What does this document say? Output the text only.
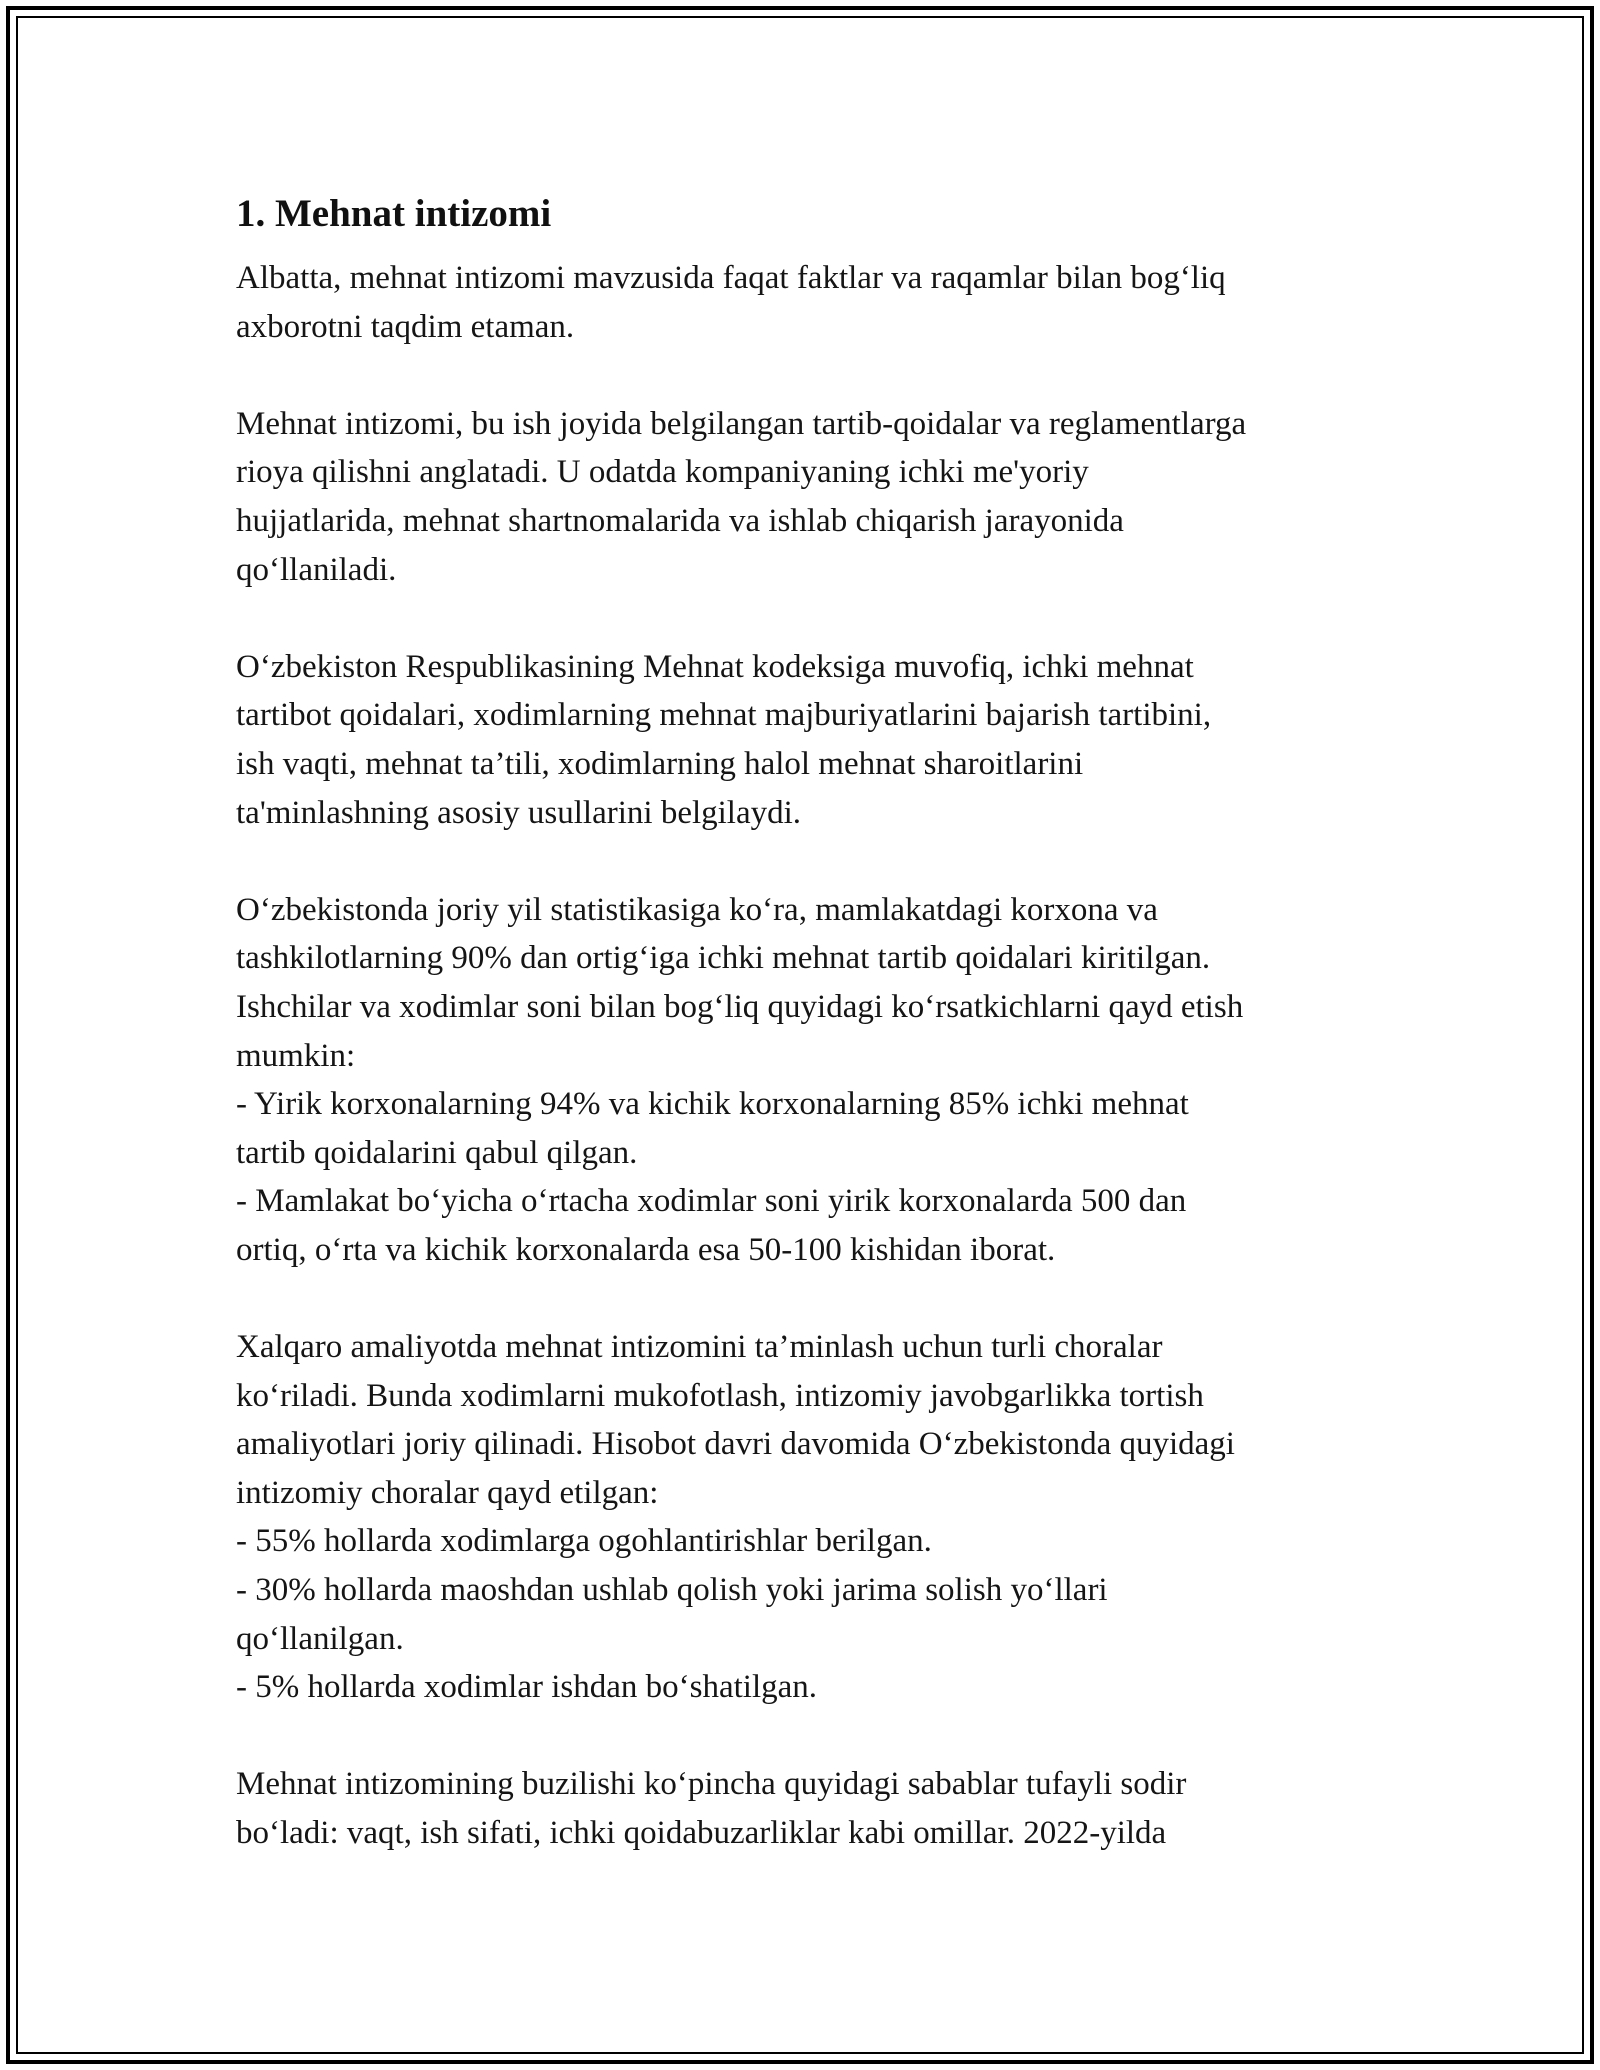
1. Mehnat intizomi

Albatta, mehnat intizomi mavzusida faqat faktlar va raqamlar bilan bog‘liq
axborotni taqdim etaman.

Mehnat intizomi, bu ish joyida belgilangan tartib-qoidalar va reglamentlarga
rioya qilishni anglatadi. U odatda kompaniyaning ichki me'yoriy
hujjatlarida, mehnat shartnomalarida va ishlab chiqarish jarayonida
qo‘llaniladi.

O‘zbekiston Respublikasining Mehnat kodeksiga muvofiq, ichki mehnat
tartibot qoidalari, xodimlarning mehnat majburiyatlarini bajarish tartibini,
ish vaqti, mehnat ta’tili, xodimlarning halol mehnat sharoitlarini
ta'minlashning asosiy usullarini belgilaydi.

O‘zbekistonda joriy yil statistikasiga ko‘ra, mamlakatdagi korxona va
tashkilotlarning 90% dan ortig‘iga ichki mehnat tartib qoidalari kiritilgan.
Ishchilar va xodimlar soni bilan bog‘liq quyidagi ko‘rsatkichlarni qayd etish
mumkin:
- Yirik korxonalarning 94% va kichik korxonalarning 85% ichki mehnat
tartib qoidalarini qabul qilgan.
- Mamlakat bo‘yicha o‘rtacha xodimlar soni yirik korxonalarda 500 dan
ortiq, o‘rta va kichik korxonalarda esa 50-100 kishidan iborat.

Xalqaro amaliyotda mehnat intizomini ta’minlash uchun turli choralar
ko‘riladi. Bunda xodimlarni mukofotlash, intizomiy javobgarlikka tortish
amaliyotlari joriy qilinadi. Hisobot davri davomida O‘zbekistonda quyidagi
intizomiy choralar qayd etilgan:
- 55% hollarda xodimlarga ogohlantirishlar berilgan.
- 30% hollarda maoshdan ushlab qolish yoki jarima solish yo‘llari
qo‘llanilgan.
- 5% hollarda xodimlar ishdan bo‘shatilgan.

Mehnat intizomining buzilishi ko‘pincha quyidagi sabablar tufayli sodir
bo‘ladi: vaqt, ish sifati, ichki qoidabuzarliklar kabi omillar. 2022-yilda
